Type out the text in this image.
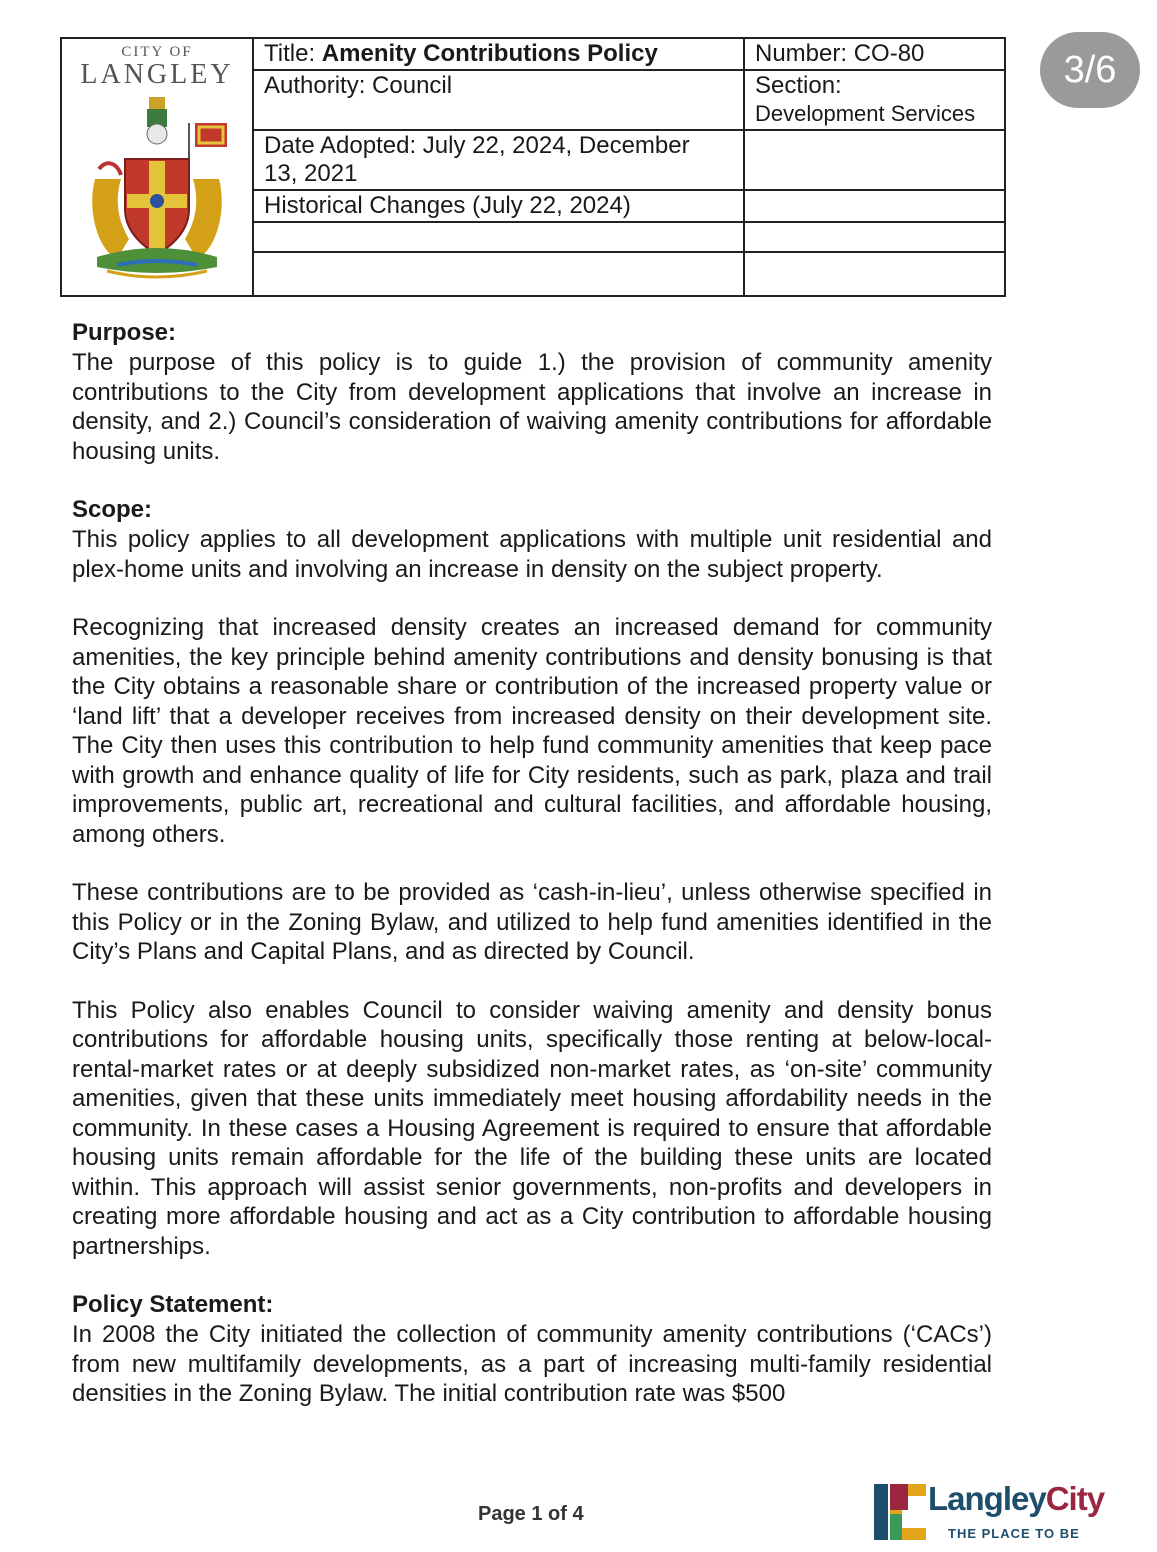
3/6
CITY OF
LANGLEY	Title: Amenity Contributions Policy	Number: CO-80
	Authority: Council	Section:
Development Services

	Date Adopted: July 22, 2024, December
13, 2021	

	Historical Changes (July 22, 2024)	

Purpose:

The purpose of this policy is to guide 1.) the provision of community amenity contributions to the City from development applications that involve an increase in density, and 2.) Council’s consideration of waiving amenity contributions for affordable housing units.

Scope:

This policy applies to all development applications with multiple unit residential and plex-home units and involving an increase in density on the subject property.

Recognizing that increased density creates an increased demand for community amenities, the key principle behind amenity contributions and density bonusing is that the City obtains a reasonable share or contribution of the increased property value or ‘land lift’ that a developer receives from increased density on their development site. The City then uses this contribution to help fund community amenities that keep pace with growth and enhance quality of life for City residents, such as park, plaza and trail improvements, public art, recreational and cultural facilities, and affordable housing, among others.

These contributions are to be provided as ‘cash-in-lieu’, unless otherwise specified in this Policy or in the Zoning Bylaw, and utilized to help fund amenities identified in the City’s Plans and Capital Plans, and as directed by Council.

This Policy also enables Council to consider waiving amenity and density bonus contributions for affordable housing units, specifically those renting at below-local-rental-market rates or at deeply subsidized non-market rates, as ‘on-site’ community amenities, given that these units immediately meet housing affordability needs in the community. In these cases a Housing Agreement is required to ensure that affordable housing units remain affordable for the life of the building these units are located within. This approach will assist senior governments, non-profits and developers in creating more affordable housing and act as a City contribution to affordable housing partnerships.

Policy Statement:

In 2008 the City initiated the collection of community amenity contributions (‘CACs’) from new multifamily developments, as a part of increasing multi-family residential densities in the Zoning Bylaw. The initial contribution rate was $500

Page 1 of 4	LangleyCity
THE PLACE TO BE
